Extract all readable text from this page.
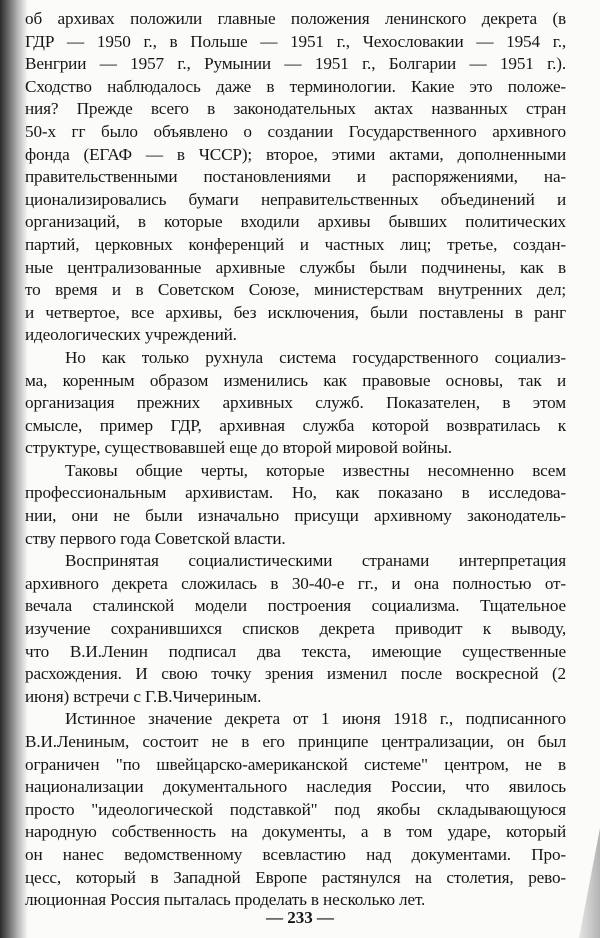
об архивах положили главные положения ленинского декрета (в
ГДР — 1950 г., в Польше — 1951 г., Чехословакии — 1954 г.,
Венгрии — 1957 г., Румынии — 1951 г., Болгарии — 1951 г.).
Сходство наблюдалось даже в терминологии. Какие это положе-
ния? Прежде всего в законодательных актах названных стран
50-х гг было объявлено о создании Государственного архивного
фонда (ЕГАФ — в ЧССР); второе, этими актами, дополненными
правительственными постановлениями и распоряжениями, на-
ционализировались бумаги неправительственных объединений и
организаций, в которые входили архивы бывших политических
партий, церковных конференций и частных лиц; третье, создан-
ные централизованные архивные службы были подчинены, как в
то время и в Советском Союзе, министерствам внутренних дел;
и четвертое, все архивы, без исключения, были поставлены в ранг
идеологических учреждений.
Но как только рухнула система государственного социализ-
ма, коренным образом изменились как правовые основы, так и
организация прежних архивных служб. Показателен, в этом
смысле, пример ГДР, архивная служба которой возвратилась к
структуре, существовавшей еще до второй мировой войны.
Таковы общие черты, которые известны несомненно всем
профессиональным архивистам. Но, как показано в исследова-
нии, они не были изначально присущи архивному законодатель-
ству первого года Советской власти.
Воспринятая социалистическими странами интерпретация
архивного декрета сложилась в 30-40-е гг., и она полностью от-
вечала сталинской модели построения социализма. Тщательное
изучение сохранившихся списков декрета приводит к выводу,
что В.И.Ленин подписал два текста, имеющие существенные
расхождения. И свою точку зрения изменил после воскресной (2
июня) встречи с Г.В.Чичериным.
Истинное значение декрета от 1 июня 1918 г., подписанного
В.И.Лениным, состоит не в его принципе централизации, он был
ограничен "по швейцарско-американской системе" центром, не в
национализации документального наследия России, что явилось
просто "идеологической подставкой" под якобы складывающуюся
народную собственность на документы, а в том ударе, который
он нанес ведомственному всевластию над документами. Про-
цесс, который в Западной Европе растянулся на столетия, рево-
люционная Россия пыталась проделать в несколько лет.
— 233 —
